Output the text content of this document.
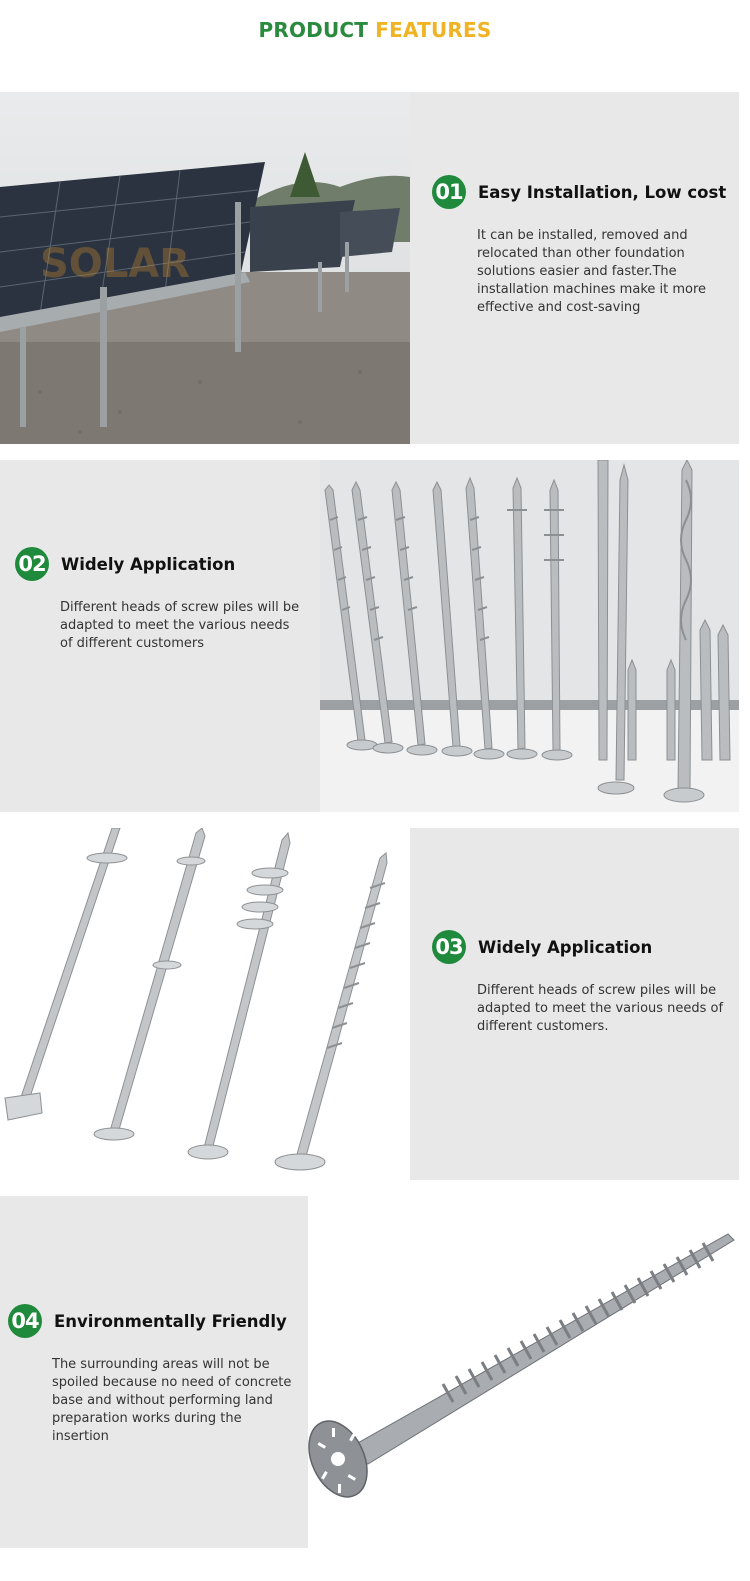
PRODUCT FEATURES
SOLAR
01 Easy Installation, Low cost
It can be installed, removed and relocated than other foundation solutions easier and faster.The installation machines make it more effective and cost-saving
02 Widely Application
Different heads of screw piles will be adapted to meet the various needs of different customers
03 Widely Application
Different heads of screw piles will be adapted to meet the various needs of different customers.
04 Environmentally Friendly
The surrounding areas will not be spoiled because no need of concrete base and without performing land preparation works during the insertion
